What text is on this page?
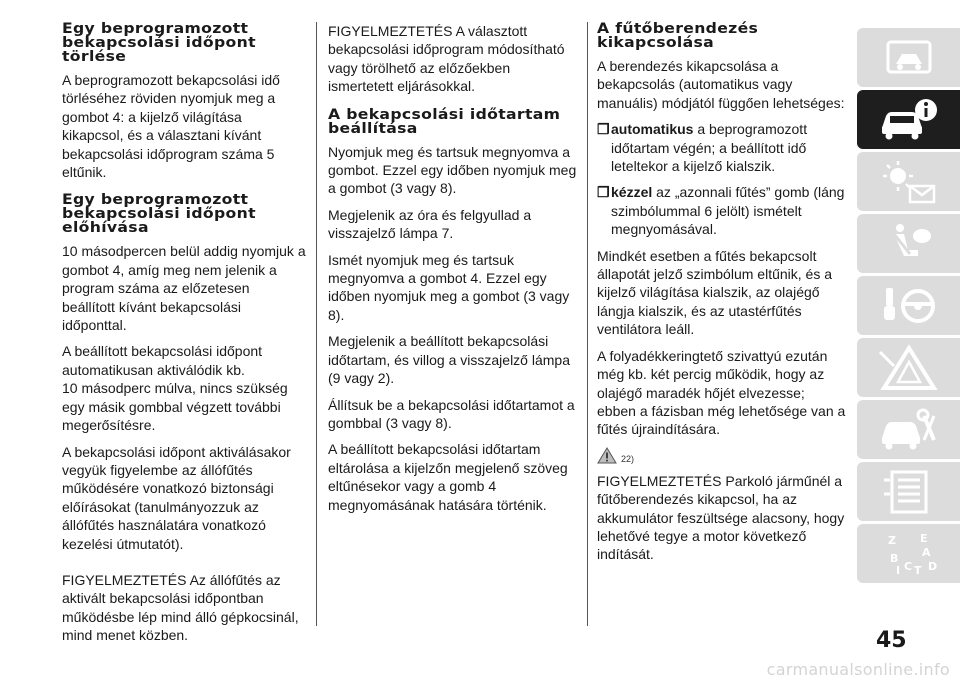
Egy beprogramozott bekapcsolási időpont törlése

A beprogramozott bekapcsolási idő törléséhez röviden nyomjuk meg a gombot 4: a kijelző világítása kikapcsol, és a választani kívánt bekapcsolási időprogram száma 5 eltűnik.

Egy beprogramozott bekapcsolási időpont előhívása

10 másodpercen belül addig nyomjuk a gombot 4, amíg meg nem jelenik a program száma az előzetesen beállított kívánt bekapcsolási időponttal.

A beállított bekapcsolási időpont automatikusan aktiválódik kb.

10 másodperc múlva, nincs szükség egy másik gombbal végzett további megerősítésre.

A bekapcsolási időpont aktiválásakor vegyük figyelembe az állófűtés működésére vonatkozó biztonsági előírásokat (tanulmányozzuk az állófűtés használatára vonatkozó kezelési útmutatót).

FIGYELMEZTETÉS Az állófűtés az aktivált bekapcsolási időpontban működésbe lép mind álló gépkocsinál, mind menet közben.

FIGYELMEZTETÉS A választott bekapcsolási időprogram módosítható vagy törölhető az előzőekben ismertetett eljárásokkal.

A bekapcsolási időtartam beállítása

Nyomjuk meg és tartsuk megnyomva a gombot. Ezzel egy időben nyomjuk meg a gombot (3 vagy 8).

Megjelenik az óra és felgyullad a visszajelző lámpa 7.

Ismét nyomjuk meg és tartsuk megnyomva a gombot 4. Ezzel egy időben nyomjuk meg a gombot (3 vagy 8).

Megjelenik a beállított bekapcsolási időtartam, és villog a visszajelző lámpa (9 vagy 2).

Állítsuk be a bekapcsolási időtartamot a gombbal (3 vagy 8).

A beállított bekapcsolási időtartam eltárolása a kijelzőn megjelenő szöveg eltűnésekor vagy a gomb 4 megnyomásának hatására történik.

A fűtőberendezés kikapcsolása

A berendezés kikapcsolása a bekapcsolás (automatikus vagy manuális) módjától függően lehetséges:

❒ automatikus a beprogramozott időtartam végén; a beállított idő leteltekor a kijelző kialszik.
❒ kézzel az „azonnali fűtés” gomb (láng szimbólummal 6 jelölt) ismételt megnyomásával.

Mindkét esetben a fűtés bekapcsolt állapotát jelző szimbólum eltűnik, és a kijelző világítása kialszik, az olajégő lángja kialszik, és az utastérfűtés ventilátora leáll.

A folyadékkeringtető szivattyú ezután még kb. két percig működik, hogy az olajégő maradék hőjét elvezesse; ebben a fázisban még lehetősége van a fűtés újraindítására.

22)

FIGYELMEZTETÉS Parkoló járműnél a fűtőberendezés kikapcsol, ha az akkumulátor feszültsége alacsony, hogy lehetővé tegye a motor következő indítását.

Z E
B A
I C T D
45
carmanualsonline.info
